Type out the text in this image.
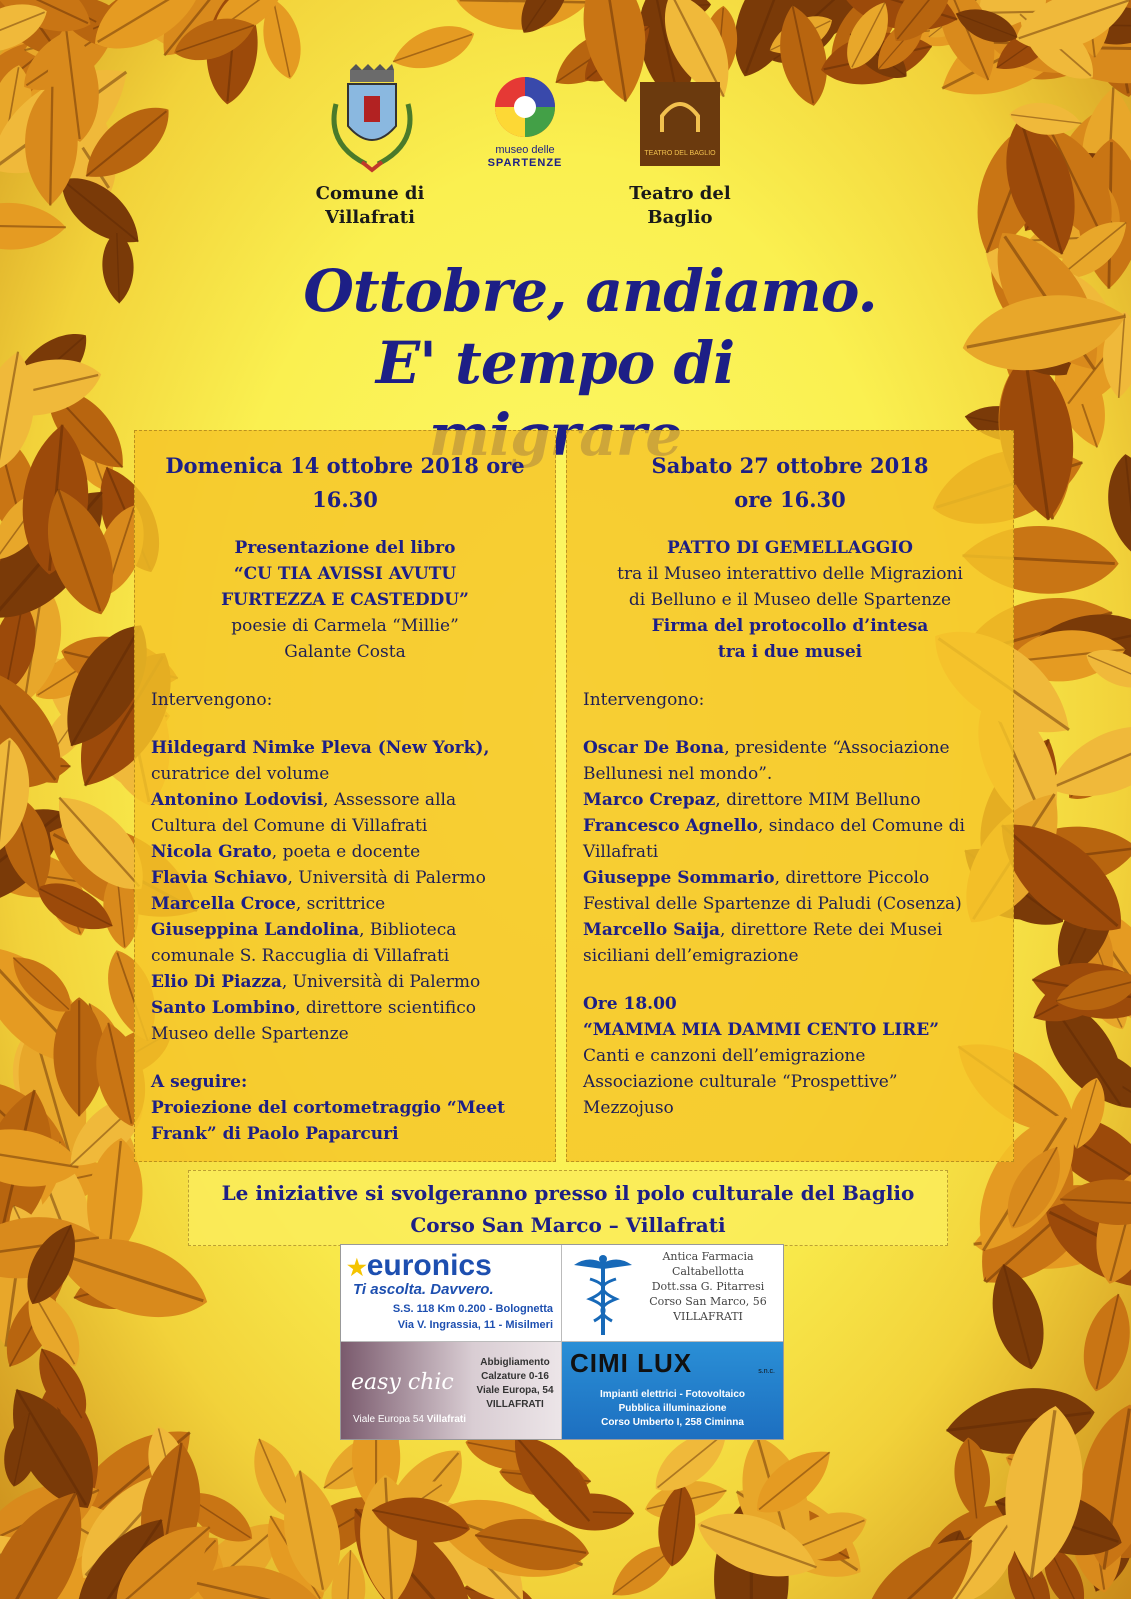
Comune di
Villafrati
museo delle
SPARTENZE
TEATRO DEL BAGLIO
Teatro del
Baglio
Ottobre, andiamo.
E' tempo di
Domenica 14 ottobre 2018 ore
16.30
Presentazione del libro
“CU TIA AVISSI AVUTU
FURTEZZA E CASTEDDU”
poesie di Carmela “Millie”
Galante Costa
Intervengono:
Hildegard Nimke Pleva (New York),
curatrice del volume
Antonino Lodovisi, Assessore alla
Cultura del Comune di Villafrati
Nicola Grato, poeta e docente
Flavia Schiavo, Università di Palermo
Marcella Croce, scrittrice
Giuseppina Landolina, Biblioteca
comunale S. Raccuglia di Villafrati
Elio Di Piazza, Università di Palermo
Santo Lombino, direttore scientifico
Museo delle Spartenze
A seguire:
Proiezione del cortometraggio “Meet
Frank” di Paolo Paparcuri
Sabato 27 ottobre 2018
ore 16.30
PATTO DI GEMELLAGGIO
tra il Museo interattivo delle Migrazioni
di Belluno e il Museo delle Spartenze
Firma del protocollo d’intesa
tra i due musei
Intervengono:
Oscar De Bona, presidente “Associazione
Bellunesi nel mondo”.
Marco Crepaz, direttore MIM Belluno
Francesco Agnello, sindaco del Comune di
Villafrati
Giuseppe Sommario, direttore Piccolo
Festival delle Spartenze di Paludi (Cosenza)
Marcello Saija, direttore Rete dei Musei
siciliani dell’emigrazione
Ore 18.00
“MAMMA MIA DAMMI CENTO LIRE”
Canti e canzoni dell’emigrazione
Associazione culturale “Prospettive”
Mezzojuso
Le iniziative si svolgeranno presso il polo culturale del Baglio
Corso San Marco – Villafrati
★euronics
Ti ascolta. Davvero.
S.S. 118 Km 0.200 - Bolognetta
Via V. Ingrassia, 11 - Misilmeri
Antica Farmacia
Caltabellotta
Dott.ssa G. Pitarresi
Corso San Marco, 56
VILLAFRATI
easy chic
Viale Europa 54 Villafrati
Abbigliamento
Calzature 0-16
Viale Europa, 54
VILLAFRATI
CIMI LUX	s.n.c.
Impianti elettrici - Fotovoltaico
Pubblica illuminazione
Corso Umberto I, 258 Ciminna
